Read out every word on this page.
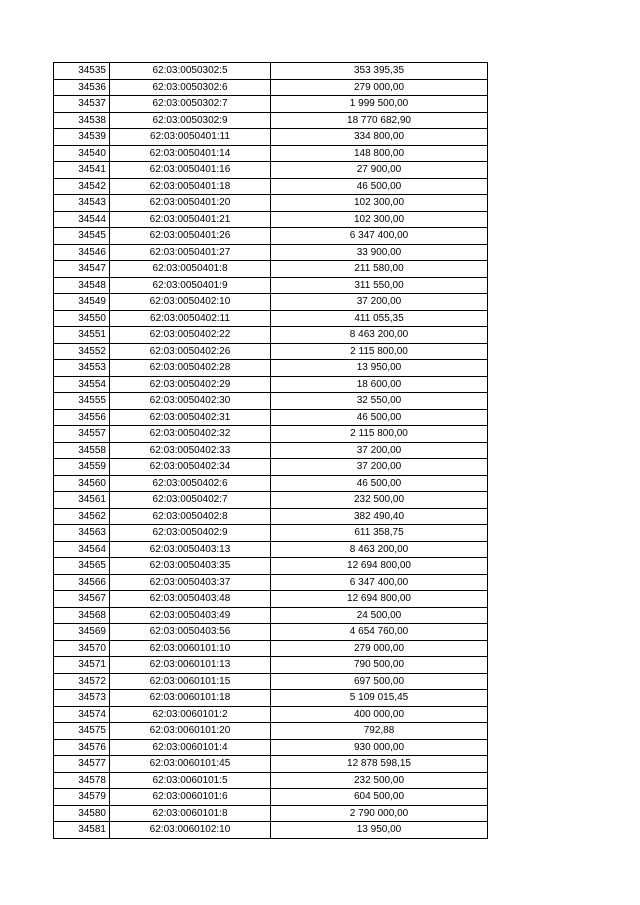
34535	62:03:0050302:5	353 395,35
34536	62:03:0050302:6	279 000,00
34537	62:03:0050302:7	1 999 500,00
34538	62:03:0050302:9	18 770 682,90
34539	62:03:0050401:11	334 800,00
34540	62:03:0050401:14	148 800,00
34541	62:03:0050401:16	27 900,00
34542	62:03:0050401:18	46 500,00
34543	62:03:0050401:20	102 300,00
34544	62:03:0050401:21	102 300,00
34545	62:03:0050401:26	6 347 400,00
34546	62:03:0050401:27	33 900,00
34547	62:03:0050401:8	211 580,00
34548	62:03:0050401:9	311 550,00
34549	62:03:0050402:10	37 200,00
34550	62:03:0050402:11	411 055,35
34551	62:03:0050402:22	8 463 200,00
34552	62:03:0050402:26	2 115 800,00
34553	62:03:0050402:28	13 950,00
34554	62:03:0050402:29	18 600,00
34555	62:03:0050402:30	32 550,00
34556	62:03:0050402:31	46 500,00
34557	62:03:0050402:32	2 115 800,00
34558	62:03:0050402:33	37 200,00
34559	62:03:0050402:34	37 200,00
34560	62:03:0050402:6	46 500,00
34561	62:03:0050402:7	232 500,00
34562	62:03:0050402:8	382 490,40
34563	62:03:0050402:9	611 358,75
34564	62:03:0050403:13	8 463 200,00
34565	62:03:0050403:35	12 694 800,00
34566	62:03:0050403:37	6 347 400,00
34567	62:03:0050403:48	12 694 800,00
34568	62:03:0050403:49	24 500,00
34569	62:03:0050403:56	4 654 760,00
34570	62:03:0060101:10	279 000,00
34571	62:03:0060101:13	790 500,00
34572	62:03:0060101:15	697 500,00
34573	62:03:0060101:18	5 109 015,45
34574	62:03:0060101:2	400 000,00
34575	62:03:0060101:20	792,88
34576	62:03:0060101:4	930 000,00
34577	62:03:0060101:45	12 878 598,15
34578	62:03:0060101:5	232 500,00
34579	62:03:0060101:6	604 500,00
34580	62:03:0060101:8	2 790 000,00
34581	62:03:0060102:10	13 950,00
